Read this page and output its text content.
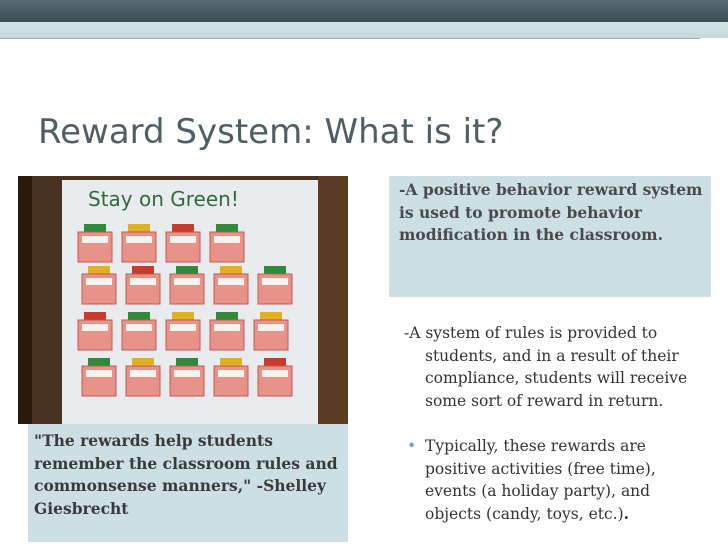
Reward System: What is it?
Stay on Green!
"The rewards help students remember the classroom rules and commonsense manners," -Shelley Giesbrecht
-A positive behavior reward system is used to promote behavior modification in the classroom.
-A system of rules is provided to students, and in a result of their compliance, students will receive some sort of reward in return.
• Typically, these rewards are positive activities (free time), events (a holiday party), and objects (candy, toys, etc.).
